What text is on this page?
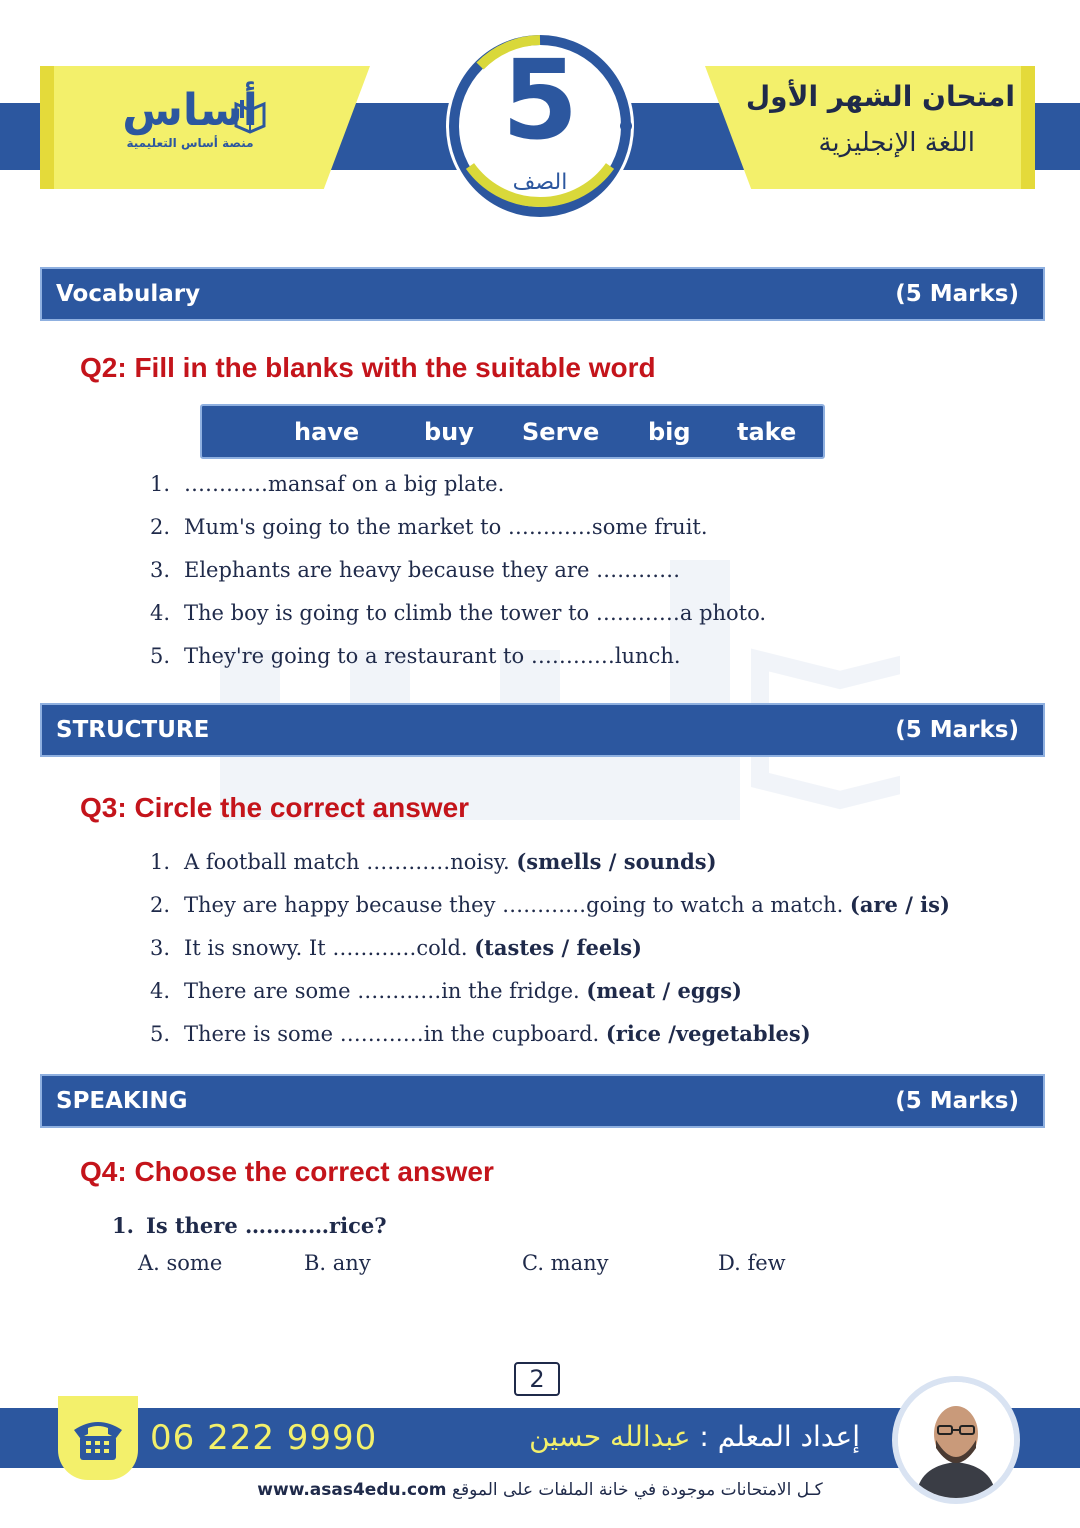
أساس
منصة أساس التعليمية
امتحان الشهر الأول
اللغة الإنجليزية
5
الصف
Vocabulary	(5 Marks)
Q2: Fill in the blanks with the suitable word
have	buy Serve big take
1. …………mansaf on a big plate.
2. Mum's going to the market to …………some fruit.
3. Elephants are heavy because they are …………
4. The boy is going to climb the tower to …………a photo.
5. They're going to a restaurant to …………lunch.
STRUCTURE	(5 Marks)
Q3: Circle the correct answer
1. A football match …………noisy. (smells / sounds)
2. They are happy because they …………going to watch a match. (are / is)
3. It is snowy. It …………cold. (tastes / feels)
4. There are some …………in the fridge. (meat / eggs)
5. There is some …………in the cupboard. (rice /vegetables)
SPEAKING	(5 Marks)
Q4: Choose the correct answer
1. Is there …………rice?
A. some	B. any	C. many	D. few
2
06 222 9990	إعداد المعلم : عبدالله حسين
www.asas4edu.com كـل الامتحانات موجودة في خانة الملفات على الموقع
